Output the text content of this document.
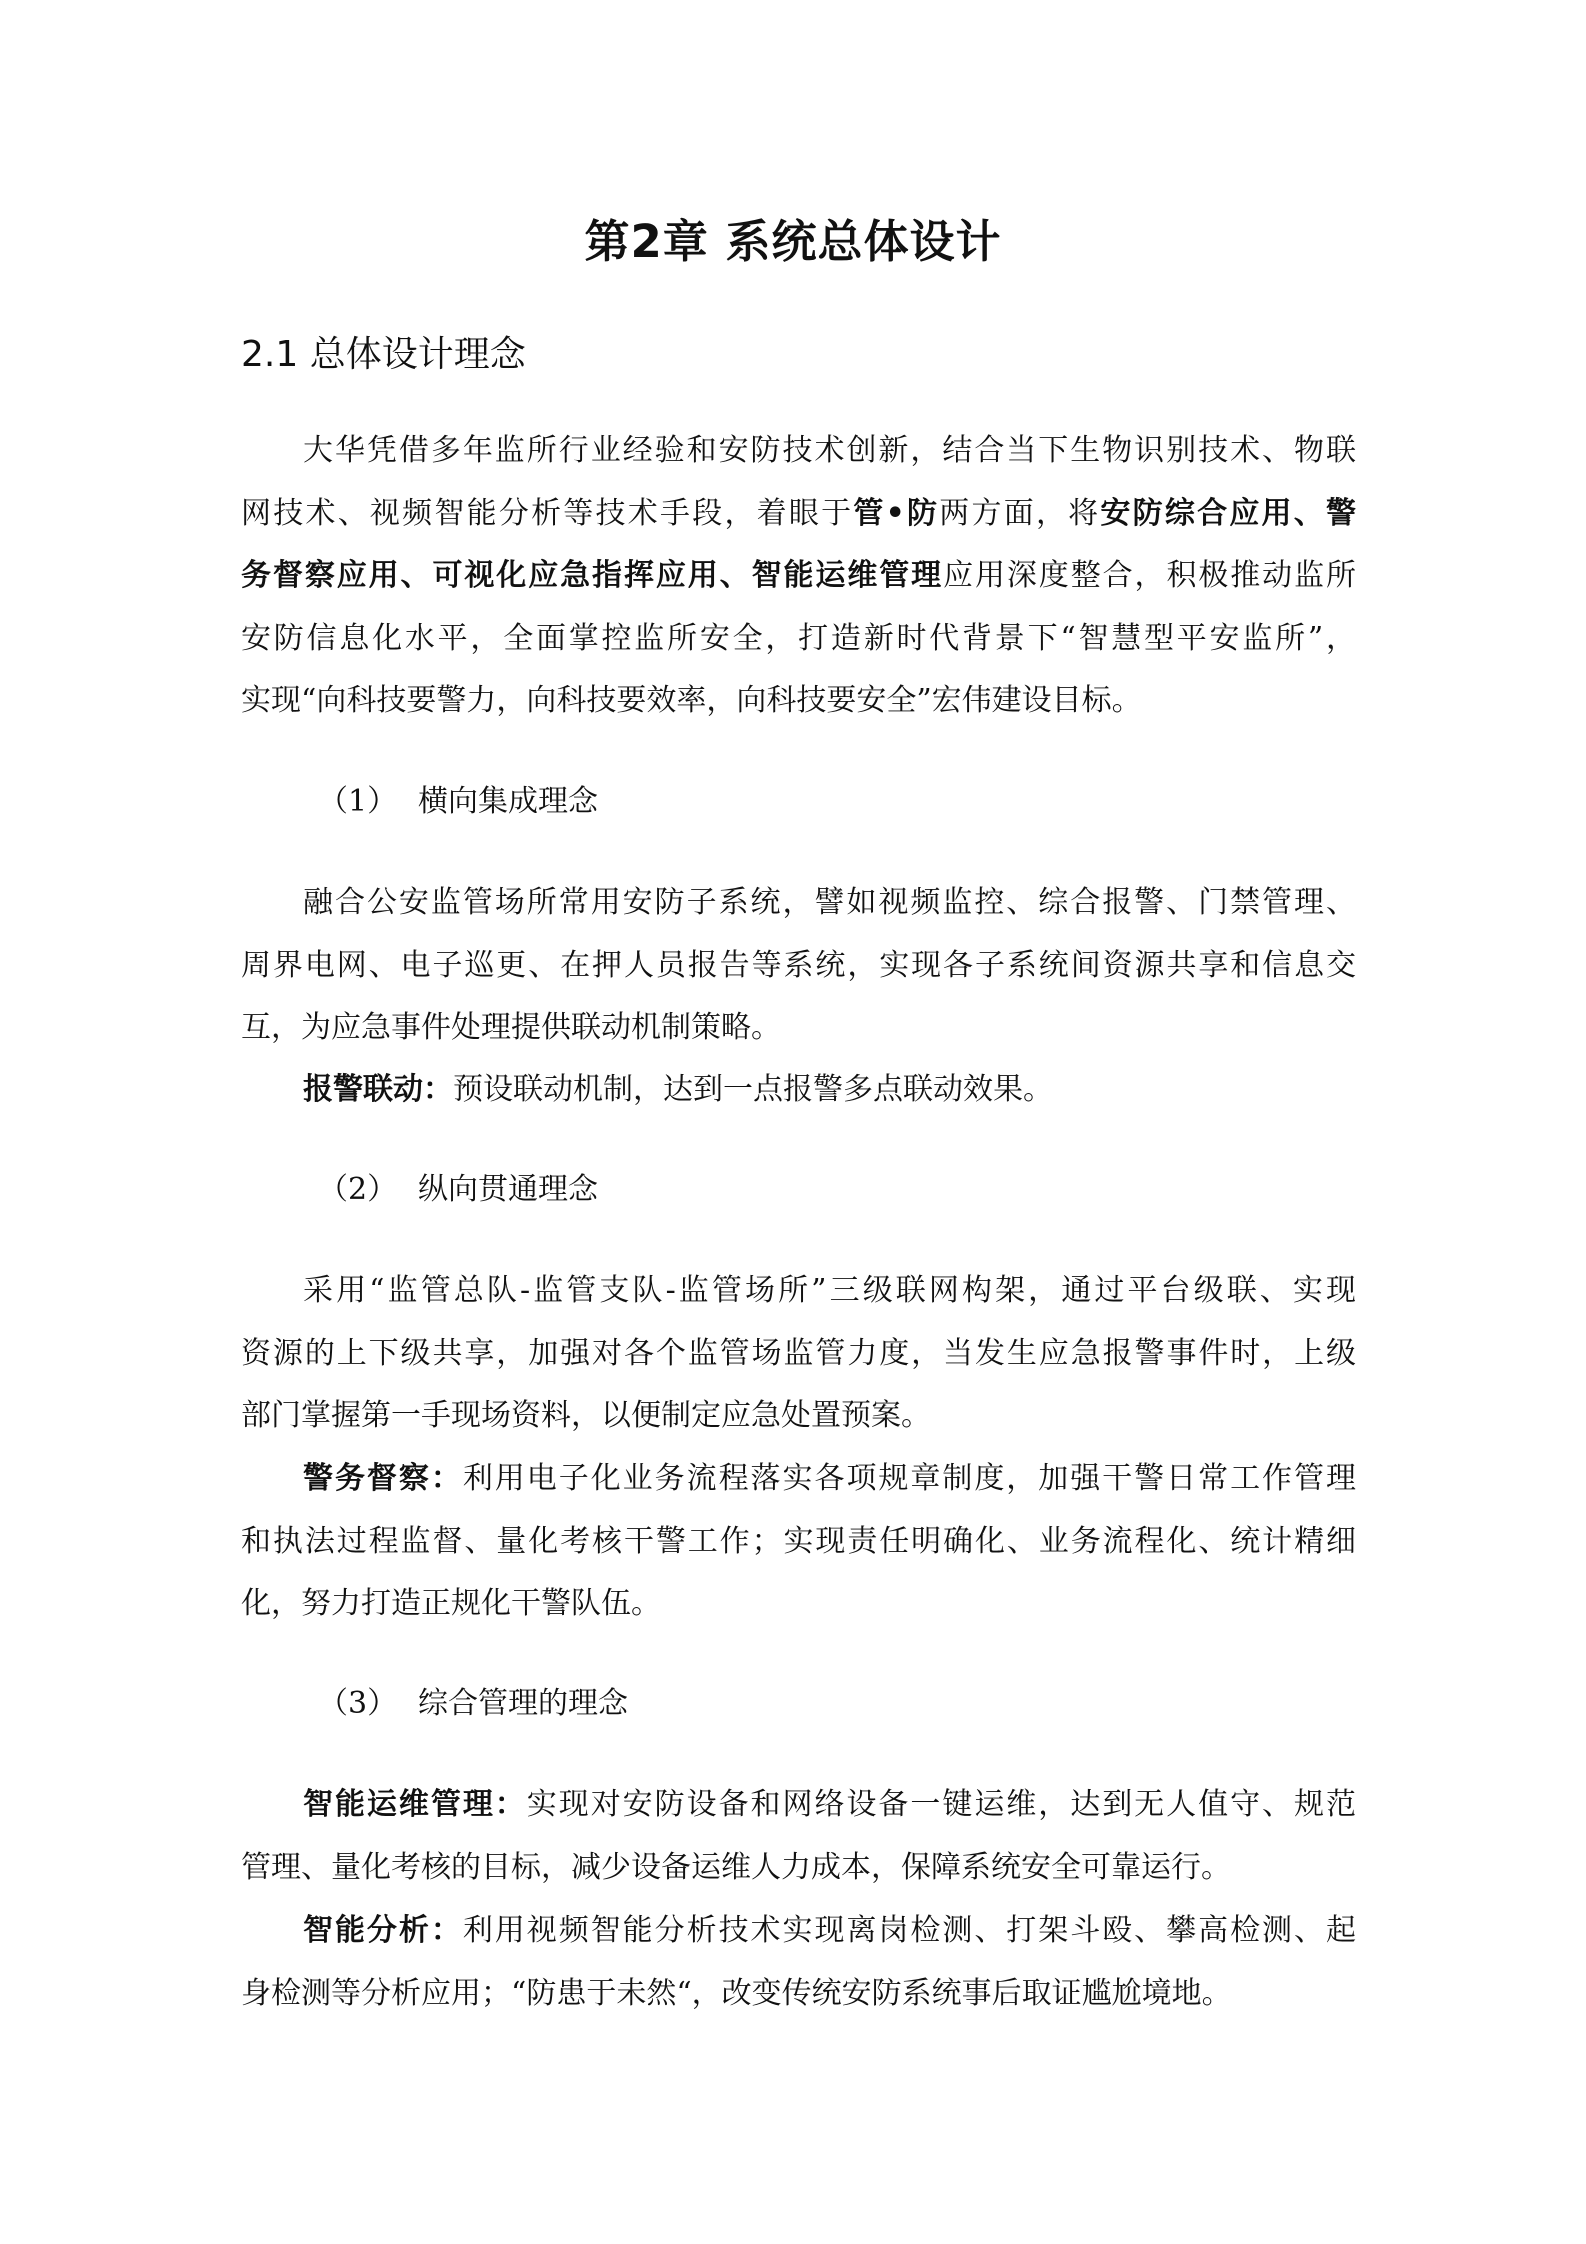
第2章 系统总体设计
2.1 总体设计理念
大华凭借多年监所行业经验和安防技术创新，结合当下生物识别技术、物联
网技术、视频智能分析等技术手段，着眼于管•防两方面，将安防综合应用、警
务督察应用、可视化应急指挥应用、智能运维管理应用深度整合，积极推动监所
安防信息化水平，全面掌控监所安全，打造新时代背景下“智慧型平安监所”，
实现“向科技要警力，向科技要效率，向科技要安全”宏伟建设目标。
融合公安监管场所常用安防子系统，譬如视频监控、综合报警、门禁管理、
周界电网、电子巡更、在押人员报告等系统，实现各子系统间资源共享和信息交
互，为应急事件处理提供联动机制策略。
报警联动：预设联动机制，达到一点报警多点联动效果。
采用“监管总队-监管支队-监管场所”三级联网构架，通过平台级联、实现
资源的上下级共享，加强对各个监管场监管力度，当发生应急报警事件时，上级
部门掌握第一手现场资料，以便制定应急处置预案。
警务督察：利用电子化业务流程落实各项规章制度，加强干警日常工作管理
和执法过程监督、量化考核干警工作；实现责任明确化、业务流程化、统计精细
化，努力打造正规化干警队伍。
智能运维管理：实现对安防设备和网络设备一键运维，达到无人值守、规范
管理、量化考核的目标，减少设备运维人力成本，保障系统安全可靠运行。
智能分析：利用视频智能分析技术实现离岗检测、打架斗殴、攀高检测、起
身检测等分析应用；“防患于未然“，改变传统安防系统事后取证尴尬境地。
（1） 横向集成理念
（2） 纵向贯通理念
（3） 综合管理的理念
